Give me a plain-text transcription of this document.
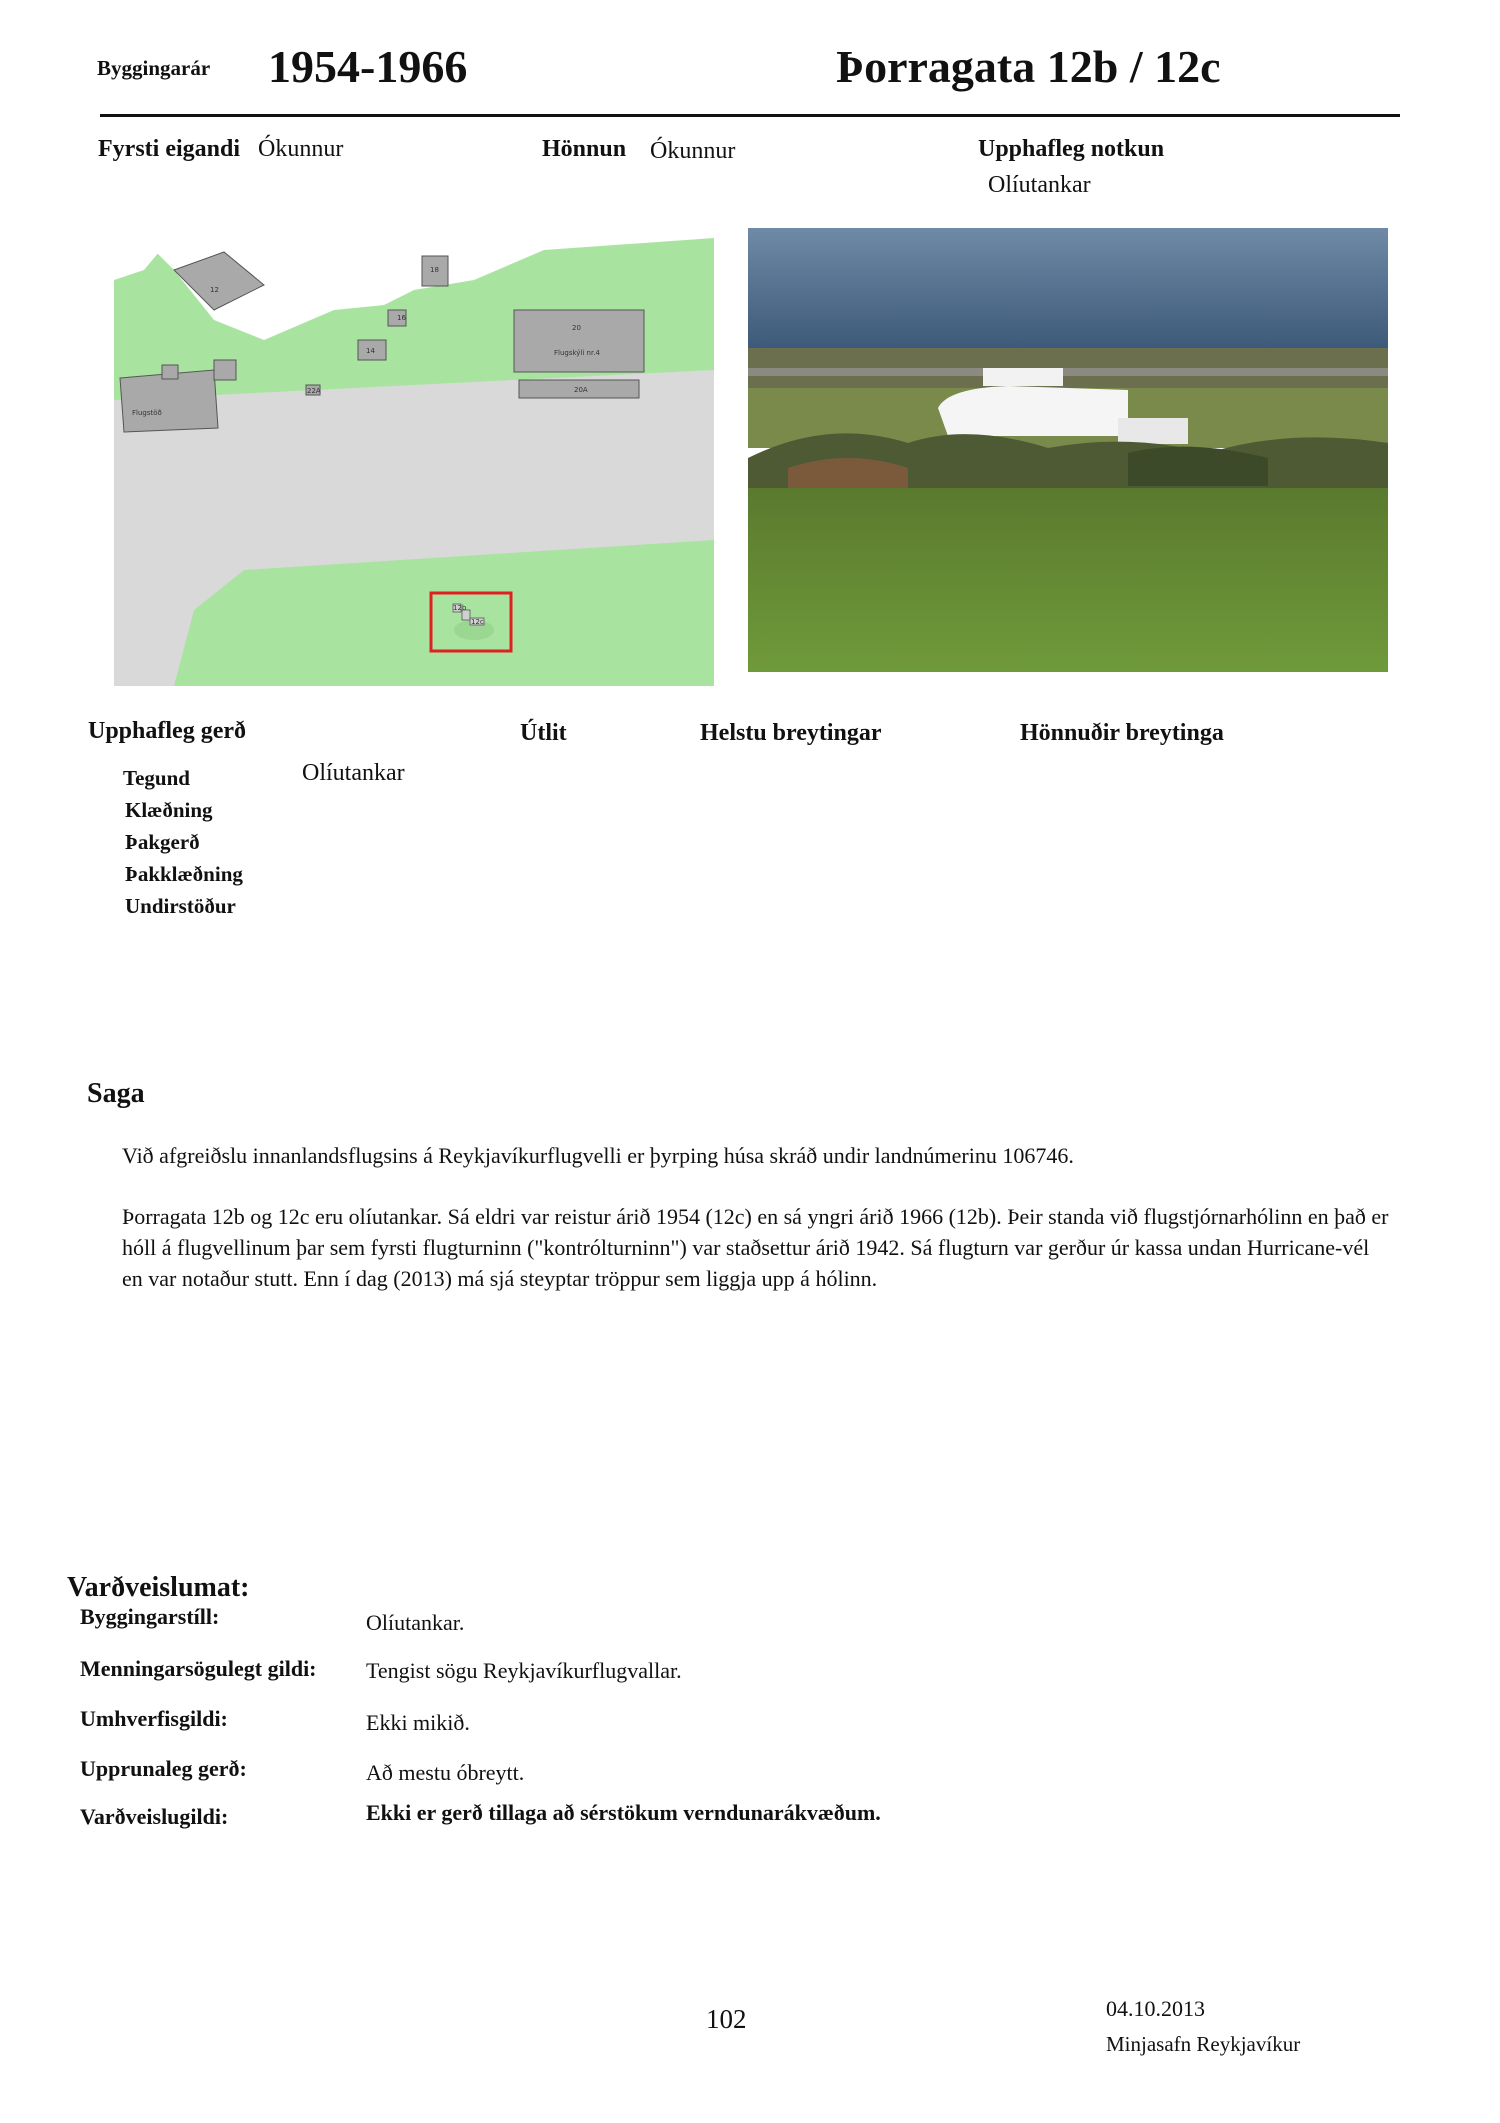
Byggingarár 1954-1966	Þorragata 12b / 12c
Fyrsti eigandi Ókunnur	Hönnun Ókunnur	Upphafleg notkun
Olíutankar
12
16
14
18
20
Flugskýli nr.4
20A
22A
Flugstöð
12b
12c
Upphafleg gerð	Útlit	Helstu breytingar	Hönnuðir breytinga
Tegund	Olíutankar
Klæðning
Þakgerð
Þakklæðning
Undirstöður
Saga
Við afgreiðslu innanlandsflugsins á Reykjavíkurflugvelli er þyrping húsa skráð undir landnúmerinu 106746.
Þorragata 12b og 12c eru olíutankar. Sá eldri var reistur árið 1954 (12c) en sá yngri árið 1966 (12b). Þeir standa við flugstjórnarhólinn en það er hóll á flugvellinum þar sem fyrsti flugturninn ("kontrólturninn") var staðsettur árið 1942. Sá flugturn var gerður úr kassa undan Hurricane-vél en var notaður stutt. Enn í dag (2013) má sjá steyptar tröppur sem liggja upp á hólinn.
Varðveislumat:
Byggingarstíll:	Olíutankar.
Menningarsögulegt gildi: Tengist sögu Reykjavíkurflugvallar.
Umhverfisgildi:	Ekki mikið.
Upprunaleg gerð:	Að mestu óbreytt.
Varðveislugildi:	Ekki er gerð tillaga að sérstökum verndunarákvæðum.
102	04.10.2013
Minjasafn Reykjavíkur
